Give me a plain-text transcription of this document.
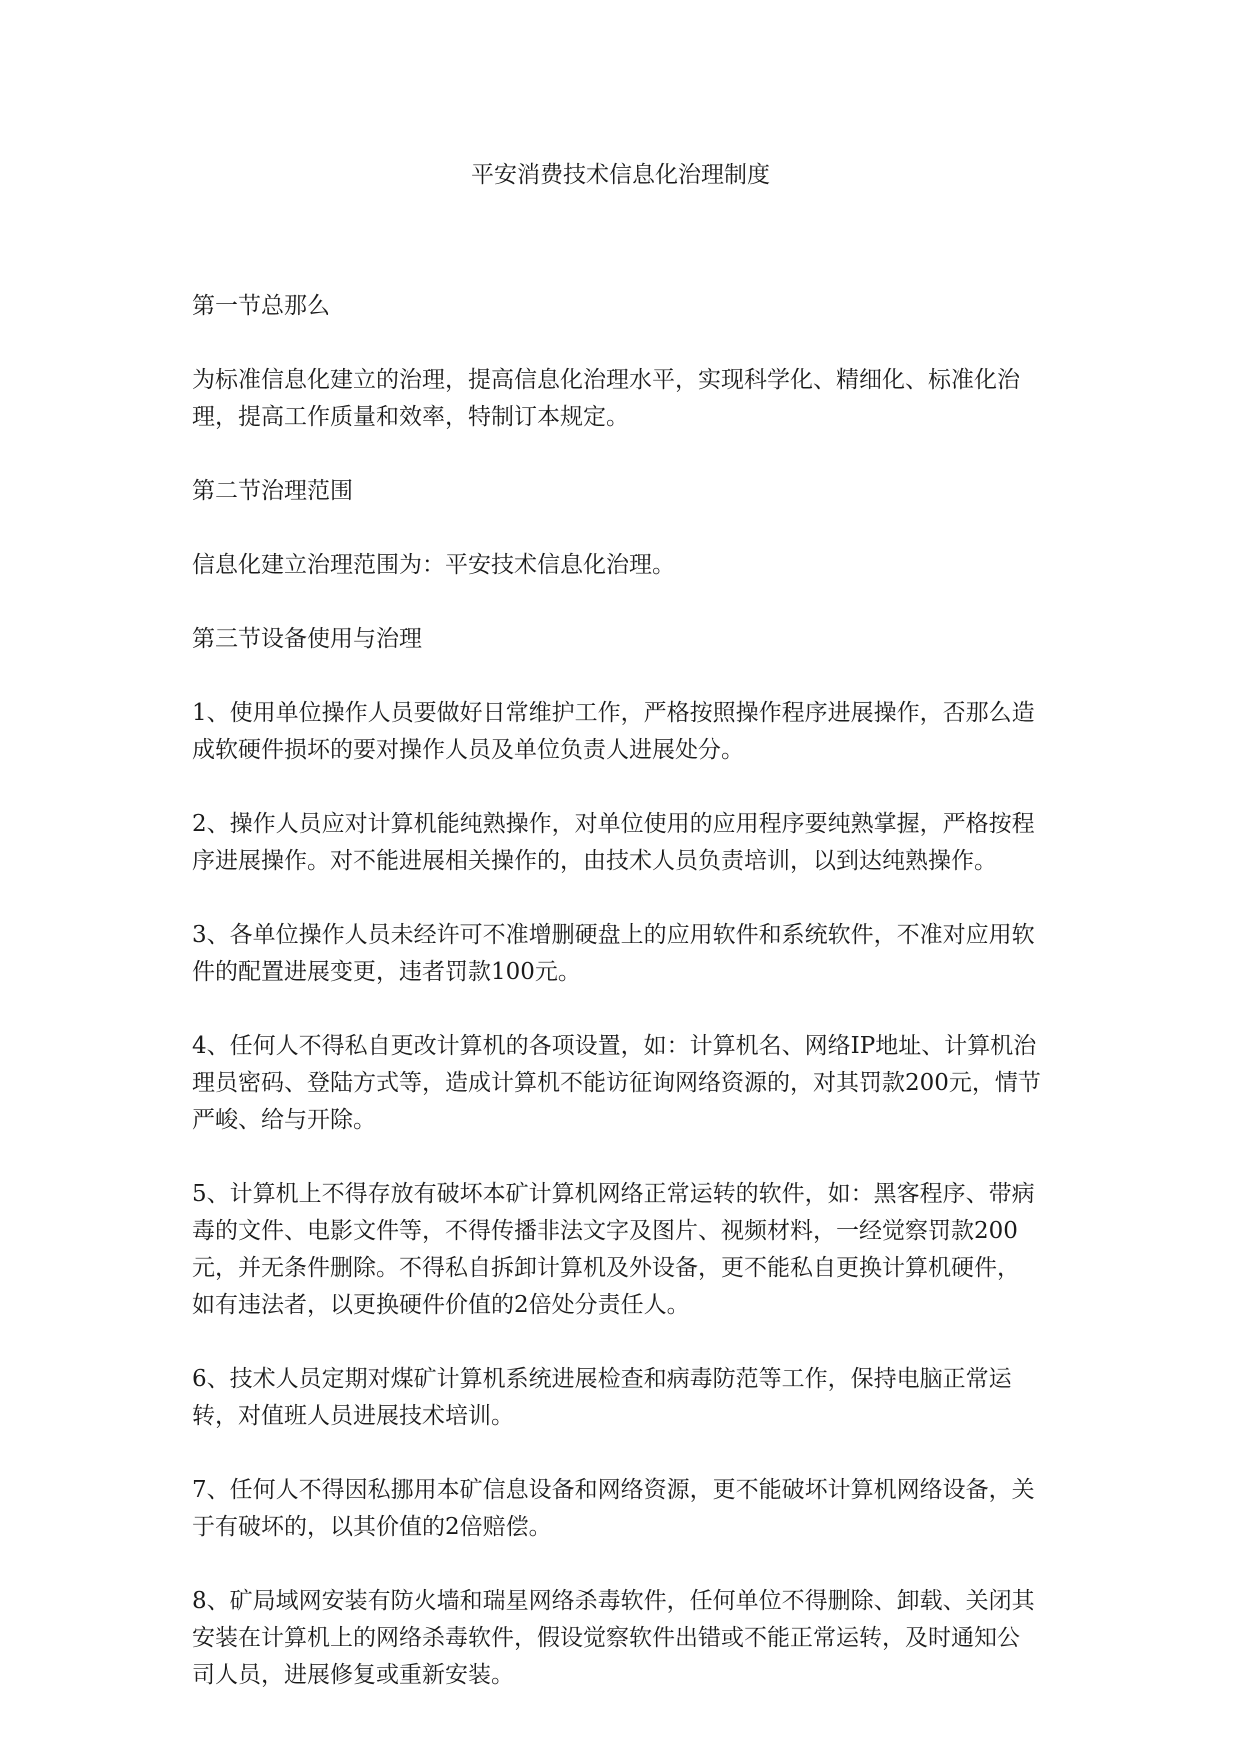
平安消费技术信息化治理制度

第一节总那么

为标准信息化建立的治理，提高信息化治理水平，实现科学化、精细化、标准化治理，提高工作质量和效率，特制订本规定。

第二节治理范围

信息化建立治理范围为：平安技术信息化治理。

第三节设备使用与治理

1、使用单位操作人员要做好日常维护工作，严格按照操作程序进展操作，否那么造成软硬件损坏的要对操作人员及单位负责人进展处分。

2、操作人员应对计算机能纯熟操作，对单位使用的应用程序要纯熟掌握，严格按程序进展操作。对不能进展相关操作的，由技术人员负责培训，以到达纯熟操作。

3、各单位操作人员未经许可不准增删硬盘上的应用软件和系统软件，不准对应用软件的配置进展变更，违者罚款100元。

4、任何人不得私自更改计算机的各项设置，如：计算机名、网络IP地址、计算机治理员密码、登陆方式等，造成计算机不能访征询网络资源的，对其罚款200元，情节严峻、给与开除。

5、计算机上不得存放有破坏本矿计算机网络正常运转的软件，如：黑客程序、带病毒的文件、电影文件等，不得传播非法文字及图片、视频材料，一经觉察罚款200元，并无条件删除。不得私自拆卸计算机及外设备，更不能私自更换计算机硬件，如有违法者，以更换硬件价值的2倍处分责任人。

6、技术人员定期对煤矿计算机系统进展检查和病毒防范等工作，保持电脑正常运转，对值班人员进展技术培训。

7、任何人不得因私挪用本矿信息设备和网络资源，更不能破坏计算机网络设备，关于有破坏的，以其价值的2倍赔偿。

8、矿局域网安装有防火墙和瑞星网络杀毒软件，任何单位不得删除、卸载、关闭其安装在计算机上的网络杀毒软件，假设觉察软件出错或不能正常运转，及时通知公司人员，进展修复或重新安装。
